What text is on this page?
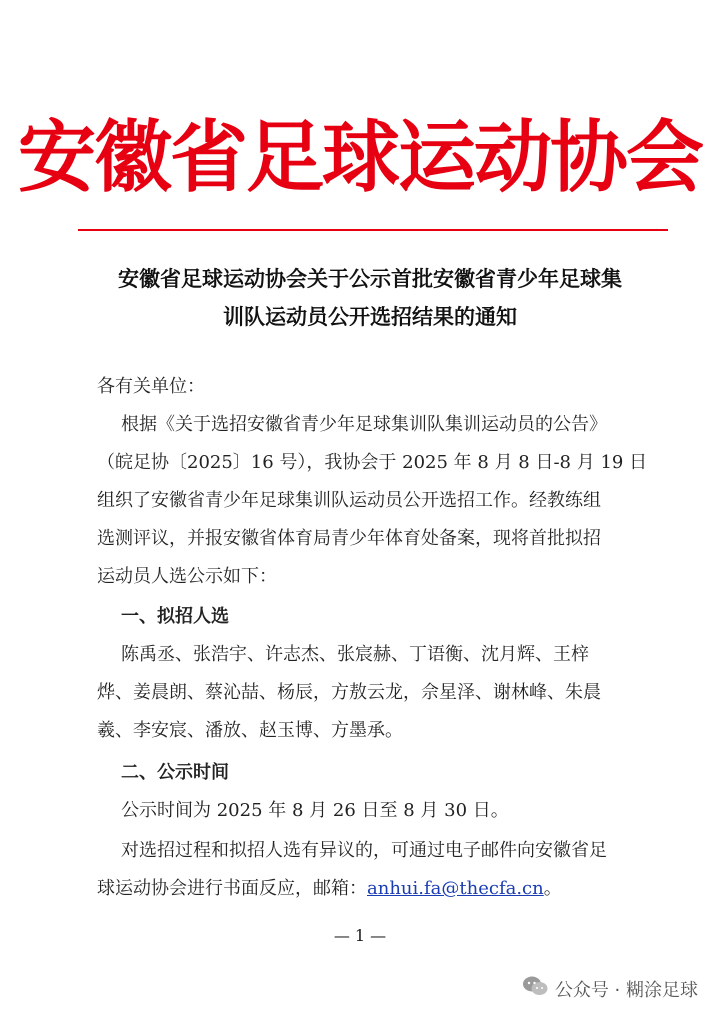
安徽省足球运动协会
安徽省足球运动协会关于公示首批安徽省青少年足球集
训队运动员公开选招结果的通知
各有关单位：
根据《关于选招安徽省青少年足球集训队集训运动员的公告》
（皖足协〔2025〕16 号），我协会于 2025 年 8 月 8 日-8 月 19 日
组织了安徽省青少年足球集训队运动员公开选招工作。经教练组
选测评议，并报安徽省体育局青少年体育处备案，现将首批拟招
运动员人选公示如下：
一、拟招人选
陈禹丞、张浩宇、许志杰、张宸赫、丁语衡、沈月辉、王梓
烨、姜晨朗、蔡沁喆、杨辰，方敖云龙，佘星泽、谢林峰、朱晨
羲、李安宸、潘放、赵玉博、方墨承。
二、公示时间
公示时间为 2025 年 8 月 26 日至 8 月 30 日。
对选招过程和拟招人选有异议的，可通过电子邮件向安徽省足
球运动协会进行书面反应，邮箱：anhui.fa@thecfa.cn。
— 1 —
公众号 · 糊涂足球
